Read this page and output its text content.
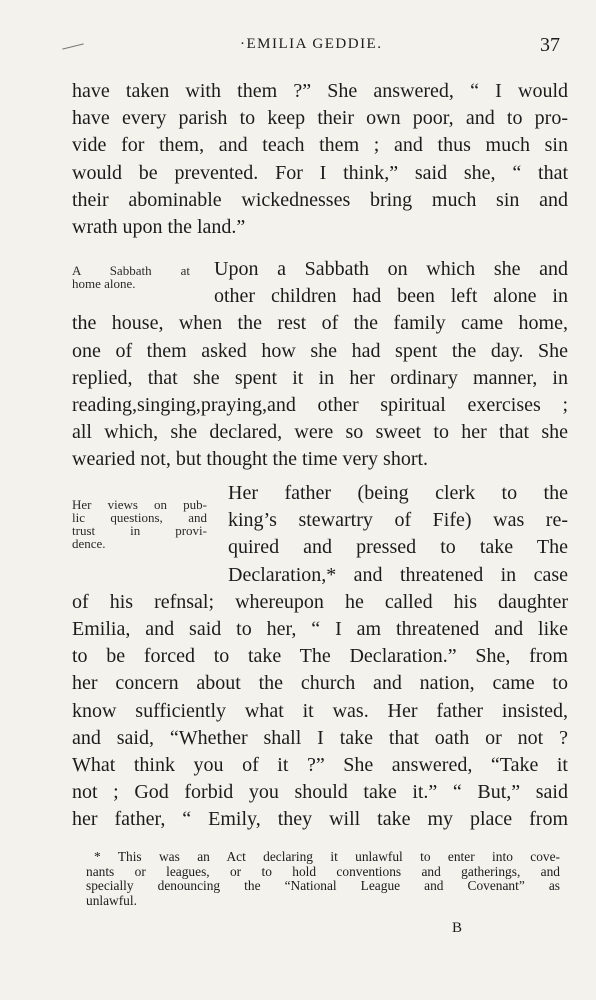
·EMILIA GEDDIE.	37
have taken with them ?” She answered, “ I would
have every parish to keep their own poor, and to pro-
vide for them, and teach them ; and thus much sin
would be prevented. For I think,” said she, “ that
their abominable wickednesses bring much sin and
wrath upon the land.”
A Sabbath at
home alone.
Upon a Sabbath on which she and
other children had been left alone in
the house, when the rest of the family came home,
one of them asked how she had spent the day. She
replied, that she spent it in her ordinary manner, in
reading,singing,praying,and other spiritual exercises ;
all which, she declared, were so sweet to her that she
wearied not, but thought the time very short.
Her views on pub-
lic questions, and
trust in provi-
dence.
Her father (being clerk to the
king’s stewartry of Fife) was re-
quired and pressed to take The
Declaration,* and threatened in case
of his refnsal; whereupon he called his daughter
Emilia, and said to her, “ I am threatened and like
to be forced to take The Declaration.” She, from
her concern about the church and nation, came to
know sufficiently what it was. Her father insisted,
and said, “Whether shall I take that oath or not ?
What think you of it ?” She answered, “Take it
not ; God forbid you should take it.” “ But,” said
her father, “ Emily, they will take my place from
* This was an Act declaring it unlawful to enter into cove-
nants or leagues, or to hold conventions and gatherings, and
specially denouncing the “National League and Covenant” as
unlawful.
B
